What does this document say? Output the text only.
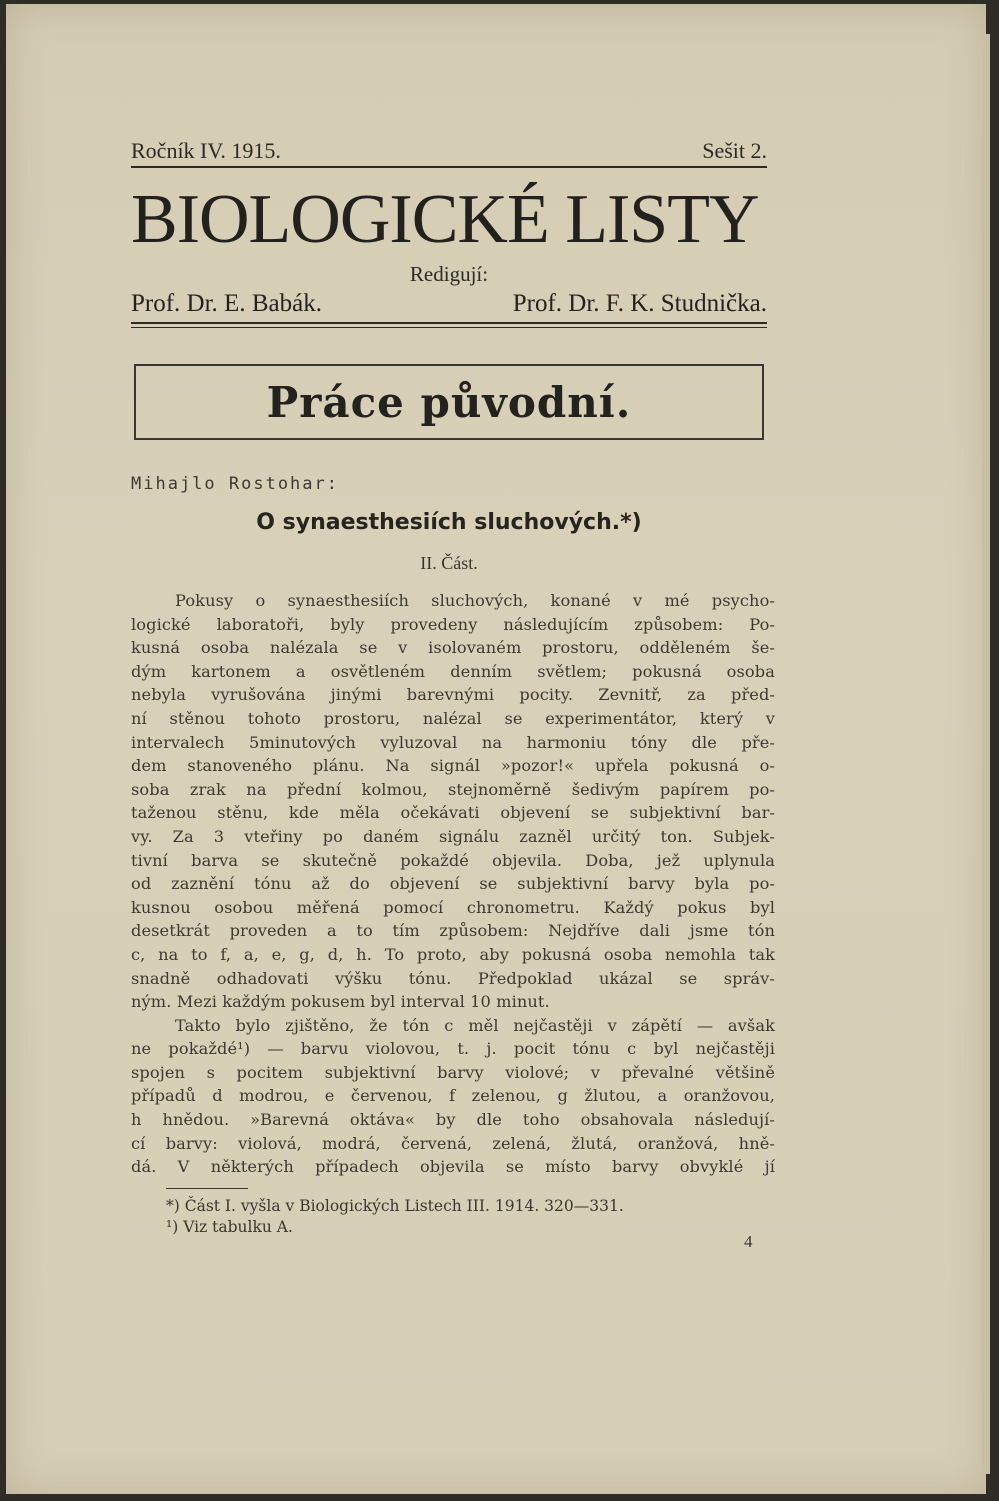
Ročník IV. 1915.	Sešit 2.
BIOLOGICKÉ LISTY
Redigují:
Prof. Dr. E. Babák.	Prof. Dr. F. K. Studnička.
Práce původní.
Mihajlo Rostohar:
O synaesthesiích sluchových.*)
II. Část.
Pokusy o synaesthesiích sluchových, konané v mé psycho-
logické laboratoři, byly provedeny následujícím způsobem: Po-
kusná osoba nalézala se v isolovaném prostoru, odděleném še-
dým kartonem a osvětleném denním světlem; pokusná osoba
nebyla vyrušována jinými barevnými pocity. Zevnitř, za před-
ní stěnou tohoto prostoru, nalézal se experimentátor, který v
intervalech 5minutových vyluzoval na harmoniu tóny dle pře-
dem stanoveného plánu. Na signál »pozor!« upřela pokusná o-
soba zrak na přední kolmou, stejnoměrně šedivým papírem po-
taženou stěnu, kde měla očekávati objevení se subjektivní bar-
vy. Za 3 vteřiny po daném signálu zazněl určitý ton. Subjek-
tivní barva se skutečně pokaždé objevila. Doba, jež uplynula
od zaznění tónu až do objevení se subjektivní barvy byla po-
kusnou osobou měřená pomocí chronometru. Každý pokus byl
desetkrát proveden a to tím způsobem: Nejdříve dali jsme tón
c, na to f, a, e, g, d, h. To proto, aby pokusná osoba nemohla tak
snadně odhadovati výšku tónu. Předpoklad ukázal se správ-
ným. Mezi každým pokusem byl interval 10 minut.
Takto bylo zjištěno, že tón c měl nejčastěji v zápětí — avšak
ne pokaždé¹) — barvu violovou, t. j. pocit tónu c byl nejčastěji
spojen s pocitem subjektivní barvy violové; v převalné většině
případů d modrou, e červenou, f zelenou, g žlutou, a oranžovou,
h hnědou. »Barevná oktáva« by dle toho obsahovala následují-
cí barvy: violová, modrá, červená, zelená, žlutá, oranžová, hně-
dá. V některých případech objevila se místo barvy obvyklé jí
*) Část I. vyšla v Biologických Listech III. 1914. 320—331.
¹) Viz tabulku A.
4
